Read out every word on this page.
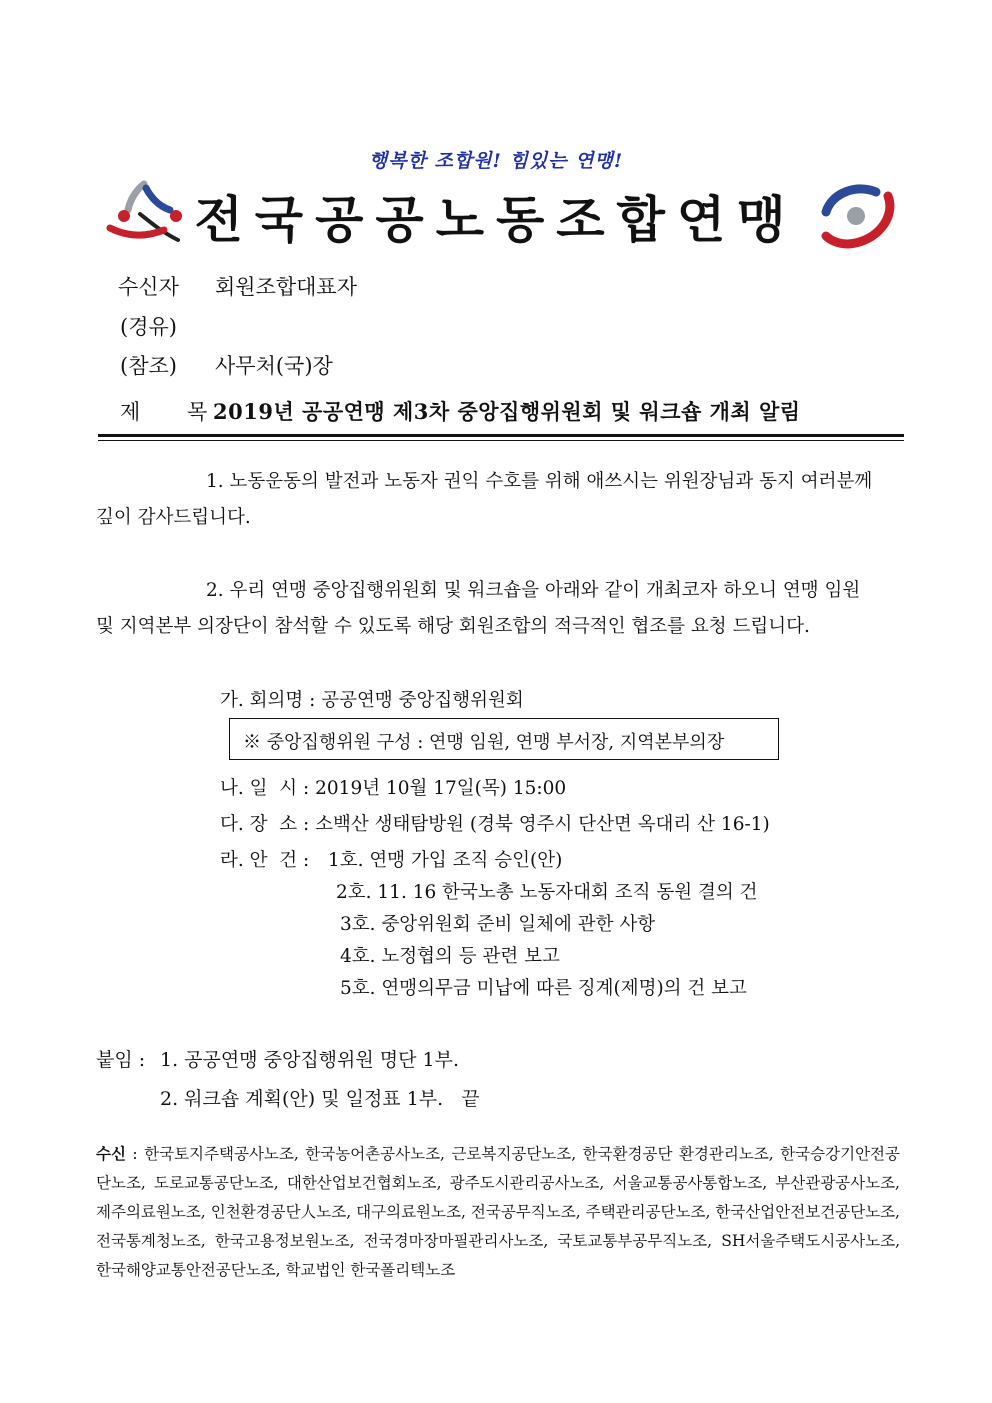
행복한 조합원! 힘있는 연맹!
전국공공노동조합연맹
수신자 회원조합대표자
(경유)
(참조) 사무처(국)장
제 목
2019년 공공연맹 제3차 중앙집행위원회 및 워크숍 개최 알림
1. 노동운동의 발전과 노동자 권익 수호를 위해 애쓰시는 위원장님과 동지 여러분께
깊이 감사드립니다.
2. 우리 연맹 중앙집행위원회 및 워크숍을 아래와 같이 개최코자 하오니 연맹 임원
및 지역본부 의장단이 참석할 수 있도록 해당 회원조합의 적극적인 협조를 요청 드립니다.
가. 회의명 : 공공연맹 중앙집행위원회
※ 중앙집행위원 구성 : 연맹 임원, 연맹 부서장, 지역본부의장
나. 일  시 : 2019년 10월 17일(목) 15:00
다. 장  소 : 소백산 생태탐방원 (경북 영주시 단산면 옥대리 산 16-1)
라. 안  건 : 1호. 연맹 가입 조직 승인(안)
2호. 11. 16 한국노총 노동자대회 조직 동원 결의 건
3호. 중앙위원회 준비 일체에 관한 사항
4호. 노정협의 등 관련 보고
5호. 연맹의무금 미납에 따른 징계(제명)의 건 보고
붙임 : 1. 공공연맹 중앙집행위원 명단 1부.
2. 워크숍 계획(안) 및 일정표 1부.   끝
수신 : 한국토지주택공사노조, 한국농어촌공사노조, 근로복지공단노조, 한국환경공단 환경관리노조, 한국승강기안전공단노조, 도로교통공단노조, 대한산업보건협회노조, 광주도시관리공사노조, 서울교통공사통합노조, 부산관광공사노조, 제주의료원노조, 인천환경공단人노조, 대구의료원노조, 전국공무직노조, 주택관리공단노조, 한국산업안전보건공단노조, 전국통계청노조, 한국고용정보원노조, 전국경마장마필관리사노조, 국토교통부공무직노조, SH서울주택도시공사노조, 한국해양교통안전공단노조, 학교법인 한국폴리텍노조
